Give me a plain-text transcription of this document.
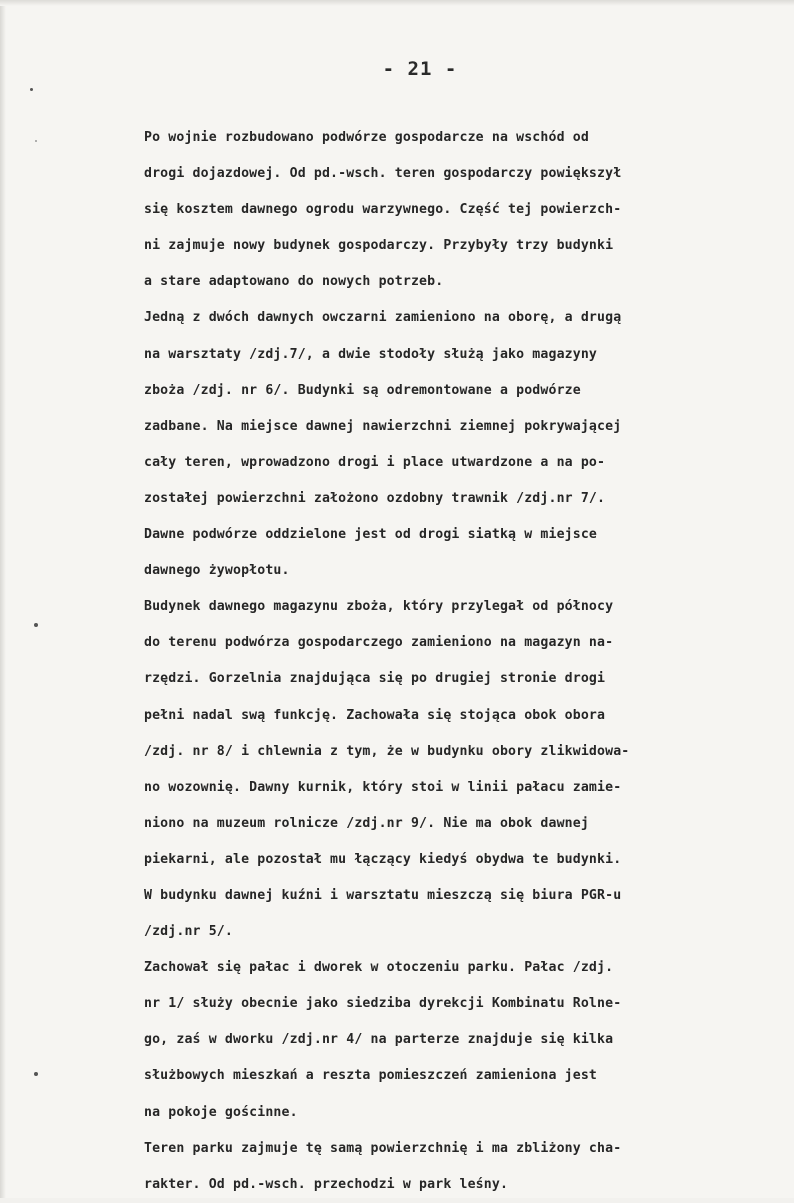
- 21 -
Po wojnie rozbudowano podwórze gospodarcze na wschód od
drogi dojazdowej. Od pd.-wsch. teren gospodarczy powiększył
się kosztem dawnego ogrodu warzywnego. Część tej powierzch-
ni zajmuje nowy budynek gospodarczy. Przybyły trzy budynki
a stare adaptowano do nowych potrzeb.
Jedną z dwóch dawnych owczarni zamieniono na oborę, a drugą
na warsztaty /zdj.7/, a dwie stodoły służą jako magazyny
zboża /zdj. nr 6/. Budynki są odremontowane a podwórze
zadbane. Na miejsce dawnej nawierzchni ziemnej pokrywającej
cały teren, wprowadzono drogi i place utwardzone a na po-
zostałej powierzchni założono ozdobny trawnik /zdj.nr 7/.
Dawne podwórze oddzielone jest od drogi siatką w miejsce
dawnego żywopłotu.
Budynek dawnego magazynu zboża, który przylegał od północy
do terenu podwórza gospodarczego zamieniono na magazyn na-
rzędzi. Gorzelnia znajdująca się po drugiej stronie drogi
pełni nadal swą funkcję. Zachowała się stojąca obok obora
/zdj. nr 8/ i chlewnia z tym, że w budynku obory zlikwidowa-
no wozownię. Dawny kurnik, który stoi w linii pałacu zamie-
niono na muzeum rolnicze /zdj.nr 9/. Nie ma obok dawnej
piekarni, ale pozostał mu łączący kiedyś obydwa te budynki.
W budynku dawnej kuźni i warsztatu mieszczą się biura PGR-u
/zdj.nr 5/.
Zachował się pałac i dworek w otoczeniu parku. Pałac /zdj.
nr 1/ służy obecnie jako siedziba dyrekcji Kombinatu Rolne-
go, zaś w dworku /zdj.nr 4/ na parterze znajduje się kilka
służbowych mieszkań a reszta pomieszczeń zamieniona jest
na pokoje gościnne.
Teren parku zajmuje tę samą powierzchnię i ma zbliżony cha-
rakter. Od pd.-wsch. przechodzi w park leśny.
